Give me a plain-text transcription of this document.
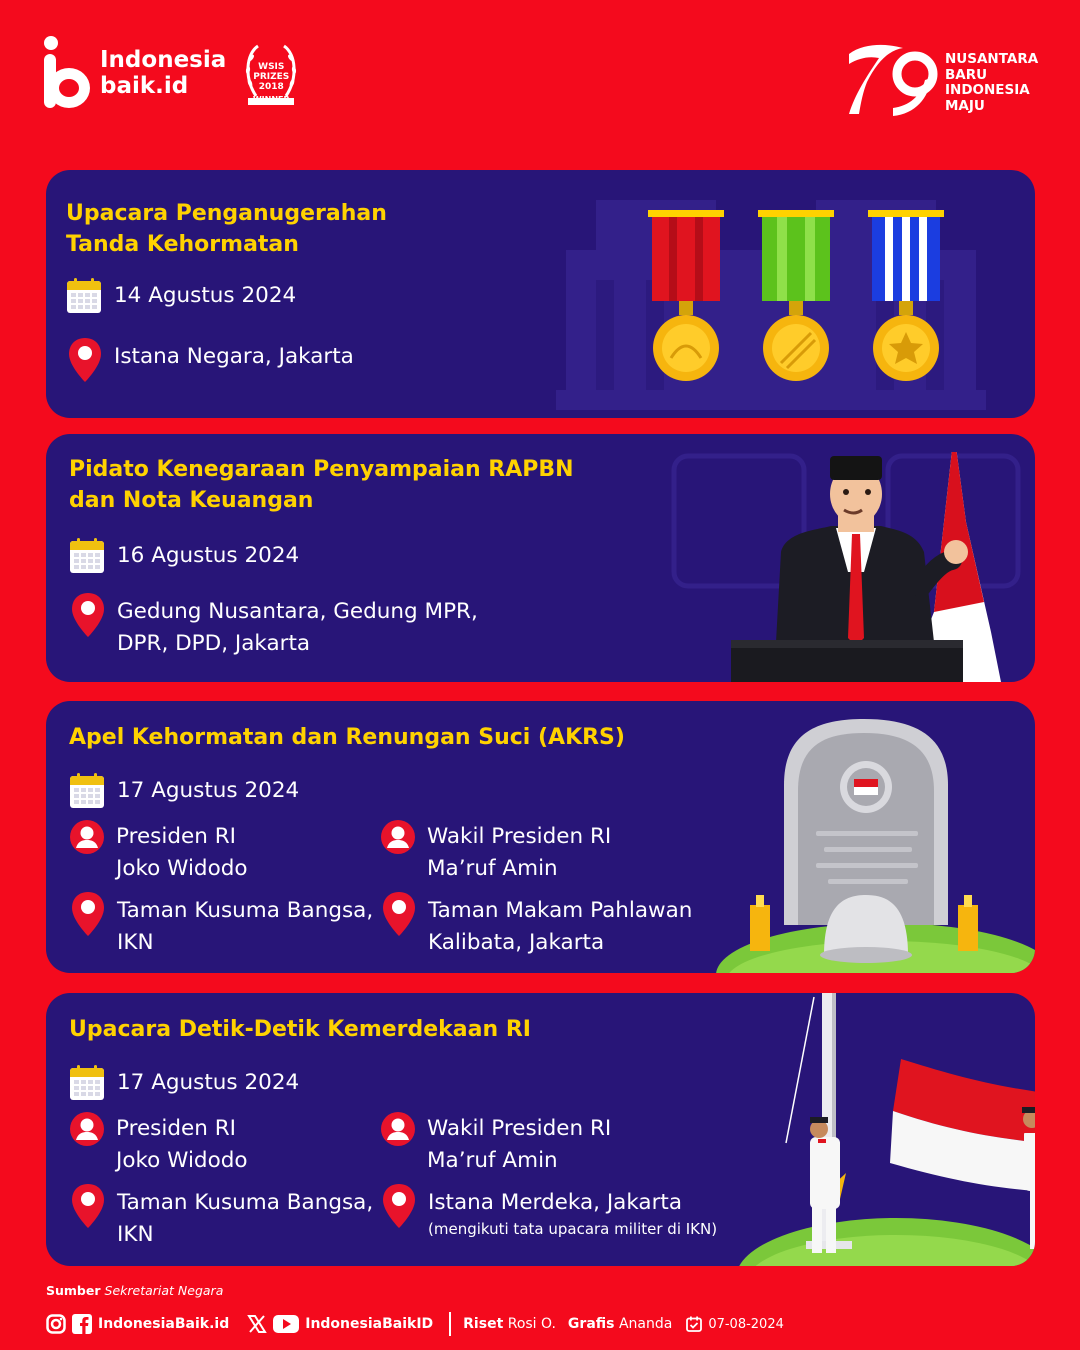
Indonesia
baik.id
WSIS
PRIZES
2018
WINNER
NUSANTARA
BARU
INDONESIA
MAJU
Upacara Penganugerahan
Tanda Kehormatan
14 Agustus 2024
Istana Negara, Jakarta
Pidato Kenegaraan Penyampaian RAPBN
dan Nota Keuangan
16 Agustus 2024
Gedung Nusantara, Gedung MPR,
DPR, DPD, Jakarta
Apel Kehormatan dan Renungan Suci (AKRS)
17 Agustus 2024
Presiden RI
Joko Widodo
Wakil Presiden RI
Ma’ruf Amin
Taman Kusuma Bangsa,
IKN
Taman Makam Pahlawan
Kalibata, Jakarta
Upacara Detik-Detik Kemerdekaan RI
17 Agustus 2024
Presiden RI
Joko Widodo
Wakil Presiden RI
Ma’ruf Amin
Taman Kusuma Bangsa,
IKN
Istana Merdeka, Jakarta
(mengikuti tata upacara militer di IKN)
Sumber Sekretariat Negara
IndonesiaBaik.id	IndonesiaBaikID Riset
Rosi O. Grafis
Ananda	07-08-2024
